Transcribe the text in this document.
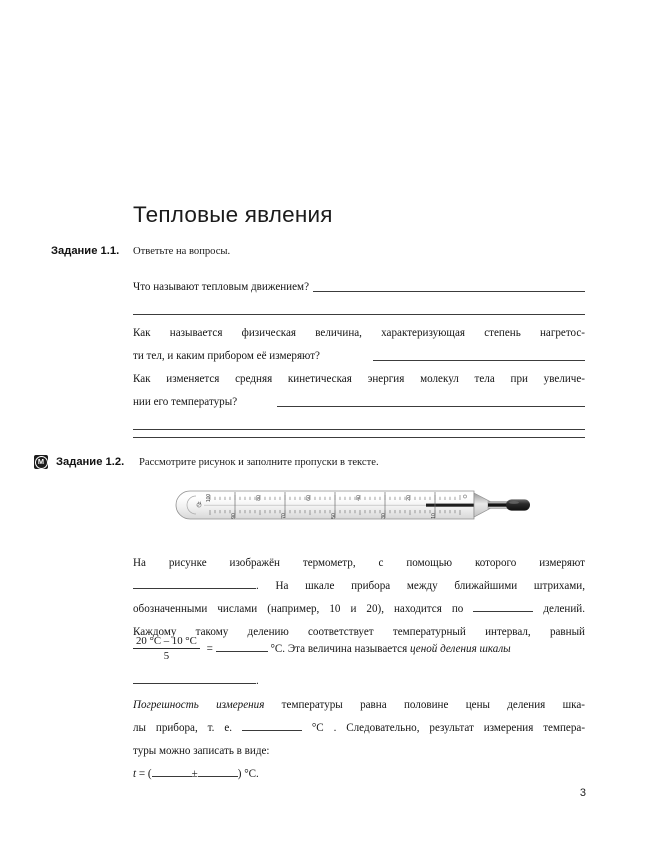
Тепловые явления
Задание 1.1. Ответьте на вопросы.
Что называют тепловым движением?
Как называется физическая величина, характеризующая степень нагретос-
ти тел, и каким прибором её измеряют?
Как изменяется средняя кинетическая энергия молекул тела при увеличе-
нии его температуры?
М	Задание 1.2. Рассмотрите рисунок и заполните пропуски в тексте.
°C
100	80	60	40	20
90	70	50	30	10
На рисунке изображён термометр, с помощью которого измеряют
. На шкале прибора между ближайшими штрихами,
обозначенными числами (например, 10 и 20), находится по	делений.
Каждому такому делению соответствует температурный интервал, равный
$\frac{20 ^\circ C - 10 ^\circ C}{5}$ =	°C. Эта величина называется ценой деления шкалы
.
Погрешность измерения температуры равна половине цены деления шка-
лы прибора, т. е.	°C . Следовательно, результат измерения темпера-
туры можно записать в виде:
t = (	±	) °C.
3
